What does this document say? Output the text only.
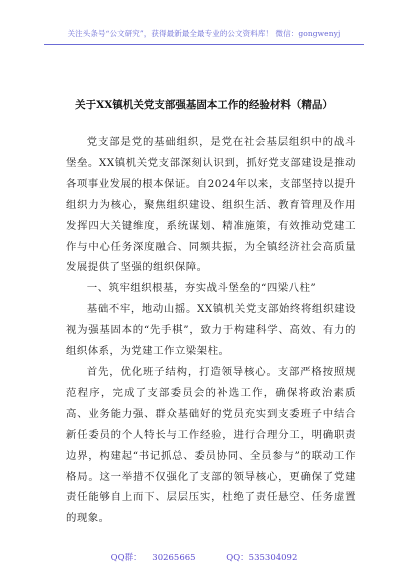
关注头条号“公文研究”，获得最新最全最专业的公文资料库！ 微信：gongwenyj
关于XX镇机关党支部强基固本工作的经验材料（精品）

党支部是党的基础组织，是党在社会基层组织中的战斗堡垒。XX镇机关党支部深刻认识到，抓好党支部建设是推动各项事业发展的根本保证。自2024年以来，支部坚持以提升组织力为核心，聚焦组织建设、组织生活、教育管理及作用发挥四大关键维度，系统谋划、精准施策，有效推动党建工作与中心任务深度融合、同频共振，为全镇经济社会高质量发展提供了坚强的组织保障。

一、筑牢组织根基，夯实战斗堡垒的“四梁八柱”

基础不牢，地动山摇。XX镇机关党支部始终将组织建设视为强基固本的“先手棋”，致力于构建科学、高效、有力的组织体系，为党建工作立梁架柱。

首先，优化班子结构，打造领导核心。支部严格按照规范程序，完成了支部委员会的补选工作，确保将政治素质高、业务能力强、群众基础好的党员充实到支委班子中结合新任委员的个人特长与工作经验，进行合理分工，明确职责边界，构建起“书记抓总、委员协同、全员参与”的联动工作格局。这一举措不仅强化了支部的领导核心，更确保了党建责任能够自上而下、层层压实，杜绝了责任悬空、任务虚置的现象。

QQ群： 30265665	QQ：535304092
